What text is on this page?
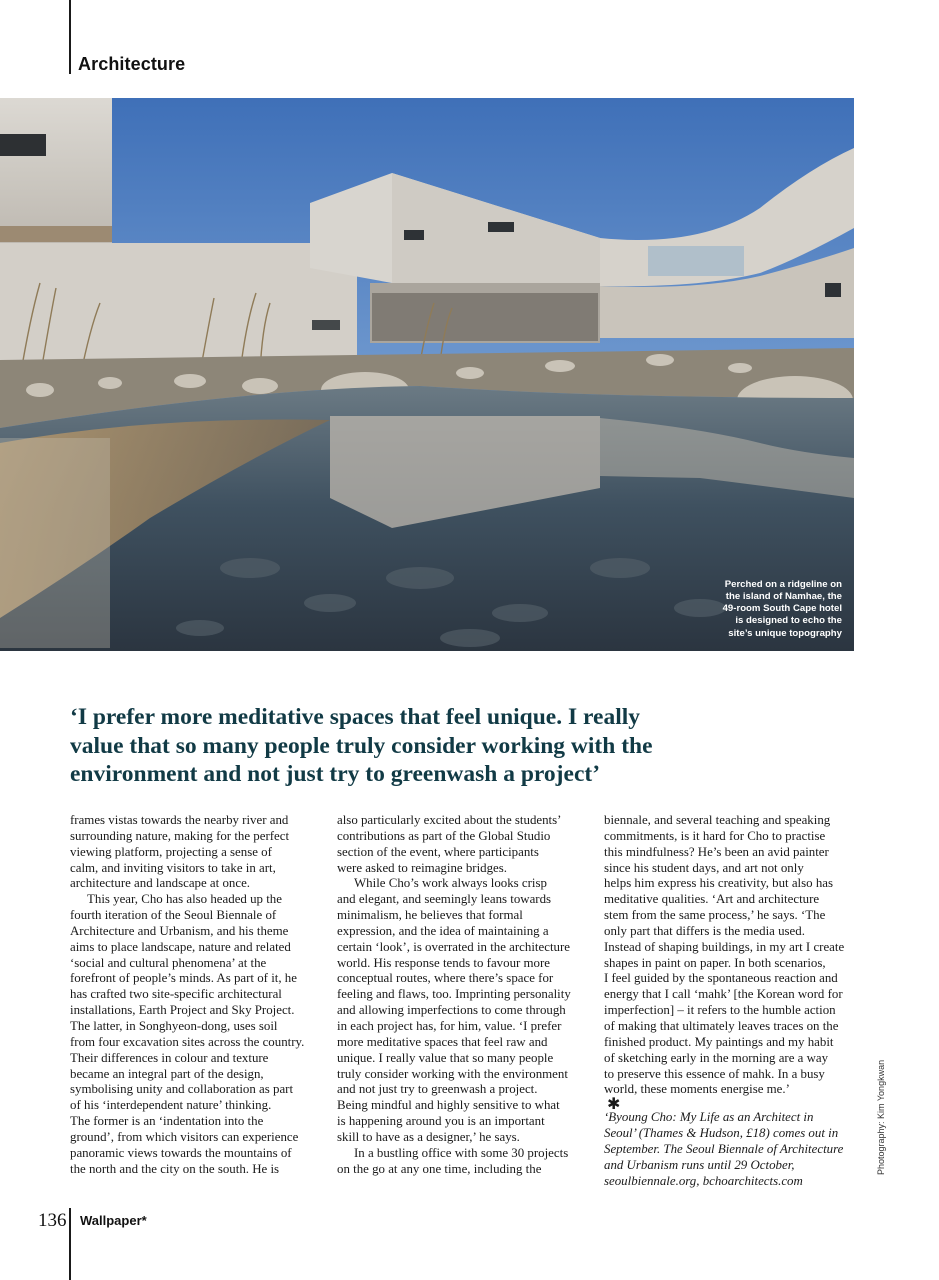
Architecture
Perched on a ridgeline on
the island of Namhae, the
49-room South Cape hotel
is designed to echo the
site’s unique topography
‘I prefer more meditative spaces that feel unique. I really
value that so many people truly consider working with the
environment and not just try to greenwash a project’
frames vistas towards the nearby river and
surrounding nature, making for the perfect
viewing platform, projecting a sense of
calm, and inviting visitors to take in art,
architecture and landscape at once.
This year, Cho has also headed up the
fourth iteration of the Seoul Biennale of
Architecture and Urbanism, and his theme
aims to place landscape, nature and related
‘social and cultural phenomena’ at the
forefront of people’s minds. As part of it, he
has crafted two site-specific architectural
installations, Earth Project and Sky Project.
The latter, in Songhyeon-dong, uses soil
from four excavation sites across the country.
Their differences in colour and texture
became an integral part of the design,
symbolising unity and collaboration as part
of his ‘interdependent nature’ thinking.
The former is an ‘indentation into the
ground’, from which visitors can experience
panoramic views towards the mountains of
the north and the city on the south. He is
also particularly excited about the students’
contributions as part of the Global Studio
section of the event, where participants
were asked to reimagine bridges.
While Cho’s work always looks crisp
and elegant, and seemingly leans towards
minimalism, he believes that formal
expression, and the idea of maintaining a
certain ‘look’, is overrated in the architecture
world. His response tends to favour more
conceptual routes, where there’s space for
feeling and flaws, too. Imprinting personality
and allowing imperfections to come through
in each project has, for him, value. ‘I prefer
more meditative spaces that feel raw and
unique. I really value that so many people
truly consider working with the environment
and not just try to greenwash a project.
Being mindful and highly sensitive to what
is happening around you is an important
skill to have as a designer,’ he says.
In a bustling office with some 30 projects
on the go at any one time, including the
biennale, and several teaching and speaking
commitments, is it hard for Cho to practise
this mindfulness? He’s been an avid painter
since his student days, and art not only
helps him express his creativity, but also has
meditative qualities. ‘Art and architecture
stem from the same process,’ he says. ‘The
only part that differs is the media used.
Instead of shaping buildings, in my art I create
shapes in paint on paper. In both scenarios,
I feel guided by the spontaneous reaction and
energy that I call ‘mahk’ [the Korean word for
imperfection] – it refers to the humble action
of making that ultimately leaves traces on the
finished product. My paintings and my habit
of sketching early in the morning are a way
to preserve this essence of mahk. In a busy
world, these moments energise me.’
✱
‘Byoung Cho: My Life as an Architect in
Seoul’ (Thames & Hudson, £18) comes out in
September. The Seoul Biennale of Architecture
and Urbanism runs until 29 October,
seoulbiennale.org, bchoarchitects.com
Photography: Kim Yongkwan
136 Wallpaper*
